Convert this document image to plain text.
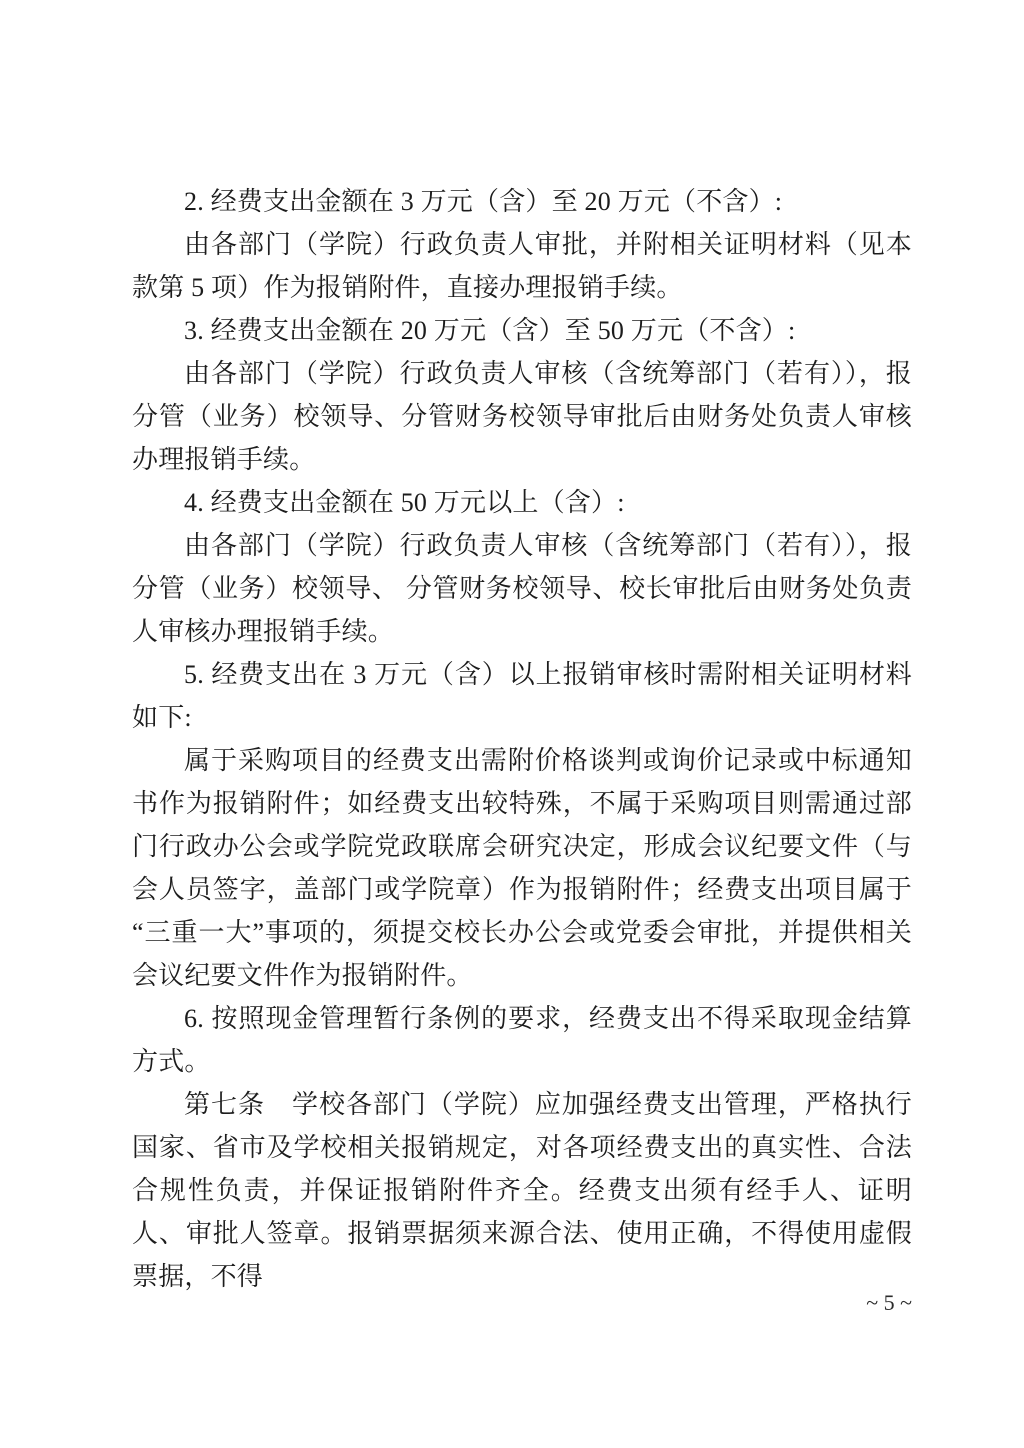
2. 经费支出金额在 3 万元（含）至 20 万元（不含）:

由各部门（学院）行政负责人审批，并附相关证明材料（见本款第 5 项）作为报销附件，直接办理报销手续。

3. 经费支出金额在 20 万元（含）至 50 万元（不含）:

由各部门（学院）行政负责人审核（含统筹部门（若有）），报分管（业务）校领导、分管财务校领导审批后由财务处负责人审核办理报销手续。

4. 经费支出金额在 50 万元以上（含）:

由各部门（学院）行政负责人审核（含统筹部门（若有）），报分管（业务）校领导、 分管财务校领导、校长审批后由财务处负责人审核办理报销手续。

5. 经费支出在 3 万元（含）以上报销审核时需附相关证明材料如下:

属于采购项目的经费支出需附价格谈判或询价记录或中标通知书作为报销附件；如经费支出较特殊，不属于采购项目则需通过部门行政办公会或学院党政联席会研究决定，形成会议纪要文件（与会人员签字，盖部门或学院章）作为报销附件；经费支出项目属于“三重一大”事项的，须提交校长办公会或党委会审批，并提供相关会议纪要文件作为报销附件。

6. 按照现金管理暂行条例的要求，经费支出不得采取现金结算方式。

第七条　学校各部门（学院）应加强经费支出管理，严格执行国家、省市及学校相关报销规定，对各项经费支出的真实性、合法合规性负责，并保证报销附件齐全。经费支出须有经手人、证明人、审批人签章。报销票据须来源合法、使用正确，不得使用虚假票据，不得

~ 5 ~
